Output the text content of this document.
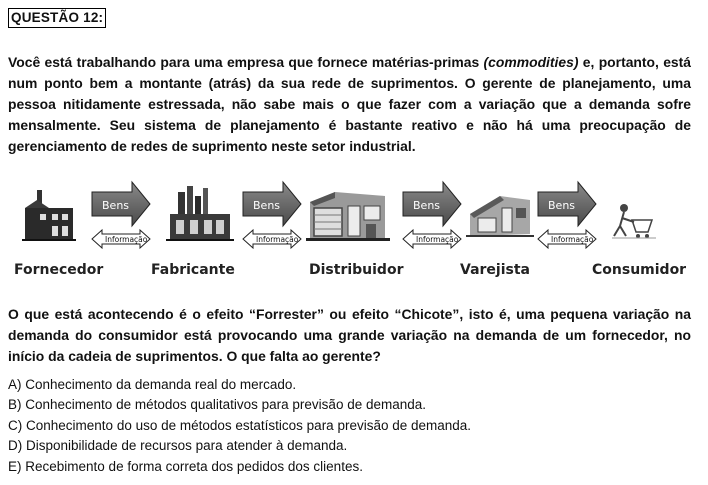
QUESTÃO 12:
Você está trabalhando para uma empresa que fornece matérias-primas (commodities) e, portanto, está num ponto bem a montante (atrás) da sua rede de suprimentos. O gerente de planejamento, uma pessoa nitidamente estressada, não sabe mais o que fazer com a variação que a demanda sofre mensalmente. Seu sistema de planejamento é bastante reativo e não há uma preocupação de gerenciamento de redes de suprimento neste setor industrial.
Bens
Informação
Bens
Informação
Bens
Informação
Bens
Informação
Fornecedor	Fabricante	Distribuidor	Varejista	Consumidor
O que está acontecendo é o efeito “Forrester” ou efeito “Chicote”, isto é, uma pequena variação na demanda do consumidor está provocando uma grande variação na demanda de um fornecedor, no início da cadeia de suprimentos. O que falta ao gerente?
A) Conhecimento da demanda real do mercado.
B) Conhecimento de métodos qualitativos para previsão de demanda.
C) Conhecimento do uso de métodos estatísticos para previsão de demanda.
D) Disponibilidade de recursos para atender à demanda.
E) Recebimento de forma correta dos pedidos dos clientes.
